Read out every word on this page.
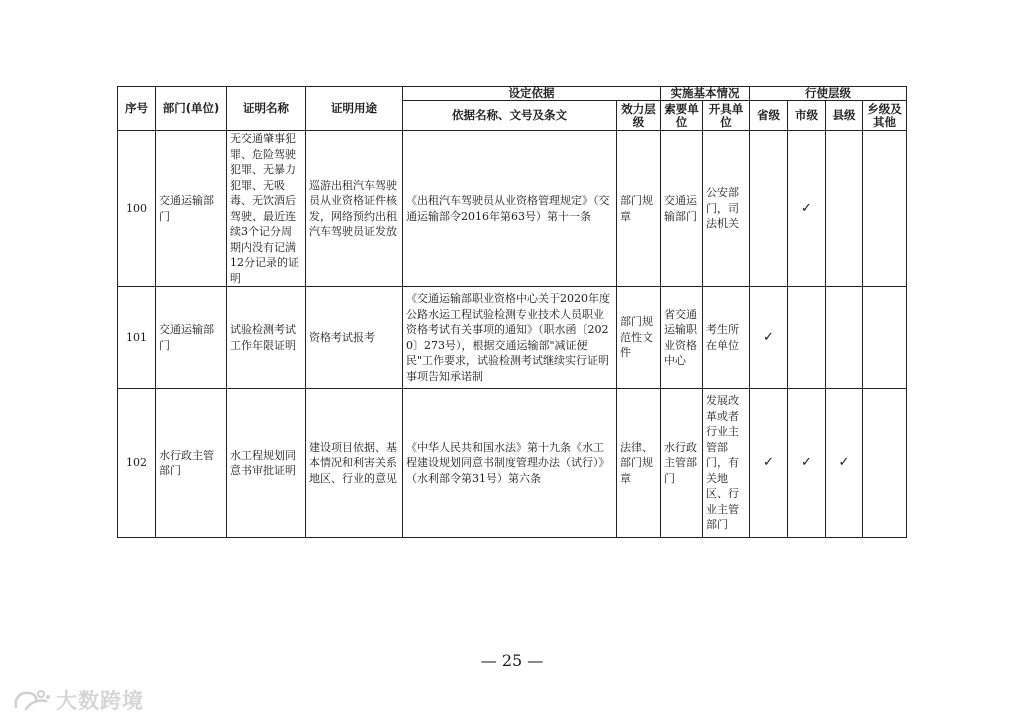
序号	部门(单位)	证明名称	证明用途	设定依据		实施基本情况		行使层级			
				依据名称、文号及条文	效力层级	索要单位	开具单位	省级	市级	县级	乡级及其他
100	交通运输部门	无交通肇事犯罪、危险驾驶犯罪、无暴力犯罪、无吸毒、无饮酒后驾驶、最近连续3个记分周期内没有记满12分记录的证明	巡游出租汽车驾驶员从业资格证件核发，网络预约出租汽车驾驶员证发放	《出租汽车驾驶员从业资格管理规定》（交通运输部令2016年第63号）第十一条	部门规章	交通运输部门	公安部门，司法机关		✓		
101	交通运输部门	试验检测考试工作年限证明	资格考试报考	《交通运输部职业资格中心关于2020年度公路水运工程试验检测专业技术人员职业资格考试有关事项的通知》（职水函〔2020〕273号），根据交通运输部"减证便民"工作要求，试验检测考试继续实行证明事项告知承诺制	部门规范性文件	省交通运输职业资格中心	考生所在单位	✓			
102	水行政主管部门	水工程规划同意书审批证明	建设项目依据、基本情况和利害关系地区、行业的意见	《中华人民共和国水法》第十九条《水工程建设规划同意书制度管理办法（试行）》（水利部令第31号）第六条	法律、部门规章	水行政主管部门	发展改革或者行业主管部门，有关地区、行业主管部门	✓	✓	✓	
— 25 —
大数跨境
